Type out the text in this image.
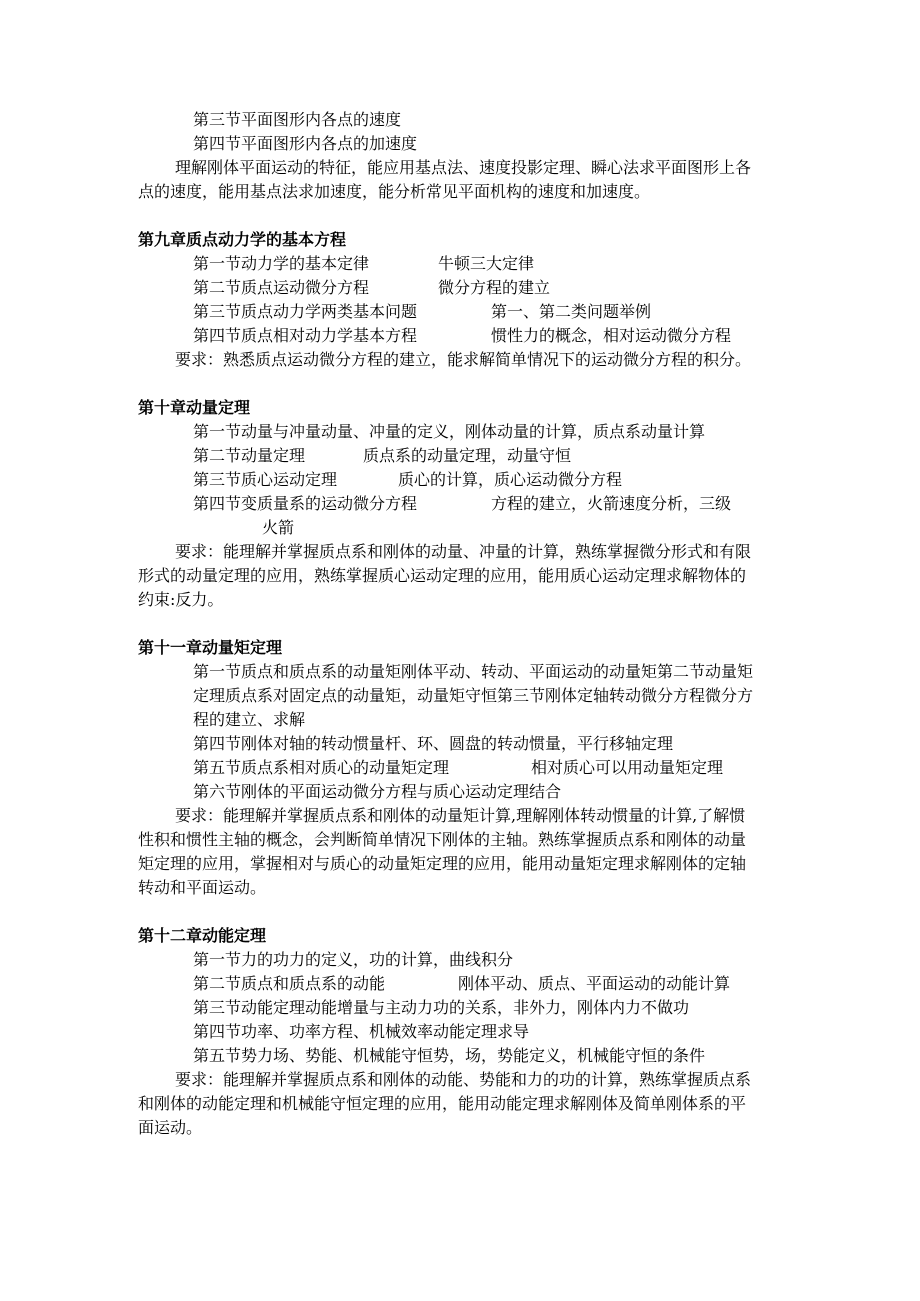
第三节平面图形内各点的速度
第四节平面图形内各点的加速度
理解刚体平面运动的特征，能应用基点法、速度投影定理、瞬心法求平面图形上各
点的速度，能用基点法求加速度，能分析常见平面机构的速度和加速度。
第九章质点动力学的基本方程
第一节动力学的基本定律	牛顿三大定律
第二节质点运动微分方程	微分方程的建立
第三节质点动力学两类基本问题	第一、第二类问题举例
第四节质点相对动力学基本方程	惯性力的概念，相对运动微分方程
要求：熟悉质点运动微分方程的建立，能求解简单情况下的运动微分方程的积分。
第十章动量定理
第一节动量与冲量动量、冲量的定义，刚体动量的计算，质点系动量计算
第二节动量定理	质点系的动量定理，动量守恒
第三节质心运动定理	质心的计算，质心运动微分方程
第四节变质量系的运动微分方程	方程的建立，火箭速度分析，三级
火箭
要求：能理解并掌握质点系和刚体的动量、冲量的计算，熟练掌握微分形式和有限
形式的动量定理的应用，熟练掌握质心运动定理的应用，能用质心运动定理求解物体的
约束:反力。
第十一章动量矩定理
第一节质点和质点系的动量矩刚体平动、转动、平面运动的动量矩第二节动量矩
定理质点系对固定点的动量矩，动量矩守恒第三节刚体定轴转动微分方程微分方
程的建立、求解
第四节刚体对轴的转动惯量杆、环、圆盘的转动惯量，平行移轴定理
第五节质点系相对质心的动量矩定理	相对质心可以用动量矩定理
第六节刚体的平面运动微分方程与质心运动定理结合
要求：能理解并掌握质点系和刚体的动量矩计算,理解刚体转动惯量的计算,了解惯
性积和惯性主轴的概念，会判断简单情况下刚体的主轴。熟练掌握质点系和刚体的动量
矩定理的应用，掌握相对与质心的动量矩定理的应用，能用动量矩定理求解刚体的定轴
转动和平面运动。
第十二章动能定理
第一节力的功力的定义，功的计算，曲线积分
第二节质点和质点系的动能	刚体平动、质点、平面运动的动能计算
第三节动能定理动能增量与主动力功的关系，非外力，刚体内力不做功
第四节功率、功率方程、机械效率动能定理求导
第五节势力场、势能、机械能守恒势，场，势能定义，机械能守恒的条件
要求：能理解并掌握质点系和刚体的动能、势能和力的功的计算，熟练掌握质点系
和刚体的动能定理和机械能守恒定理的应用，能用动能定理求解刚体及简单刚体系的平
面运动。
